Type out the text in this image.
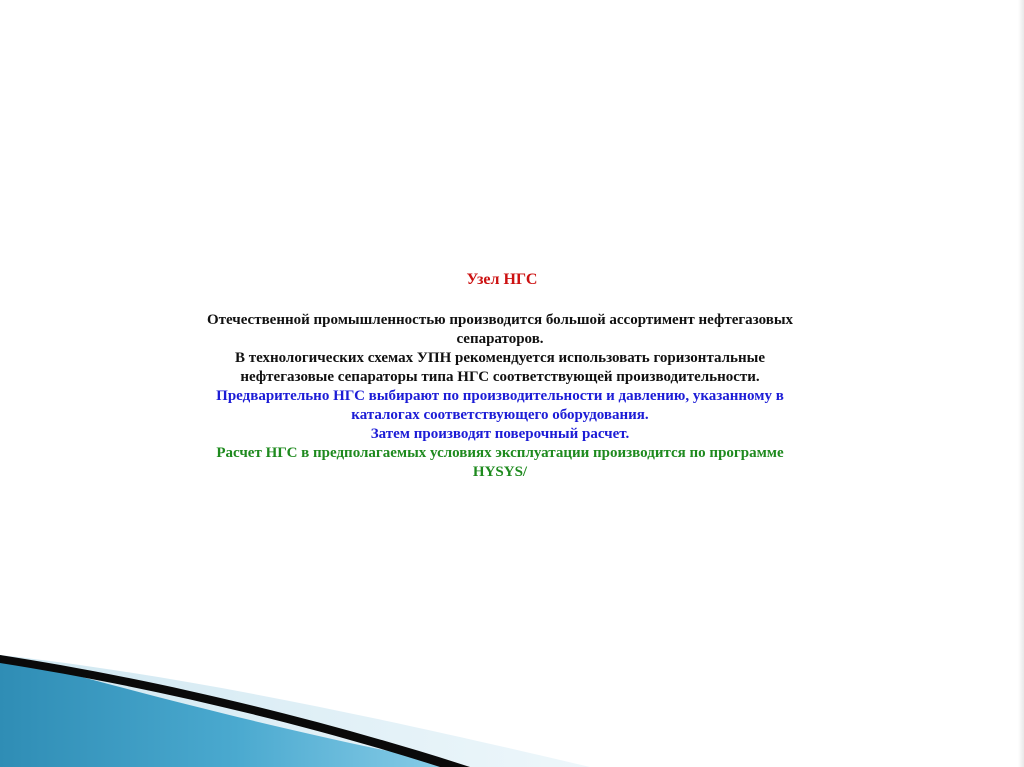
Узел НГС

Отечественной промышленностью производится большой ассортимент нефтегазовых
сепараторов.

В технологических схемах УПН рекомендуется использовать горизонтальные
нефтегазовые сепараторы типа НГС соответствующей производительности.

Предварительно НГС выбирают по производительности и давлению, указанному в
каталогах соответствующего оборудования.

Затем производят поверочный расчет.

Расчет НГС в предполагаемых условиях эксплуатации производится по программе
HYSYS/
